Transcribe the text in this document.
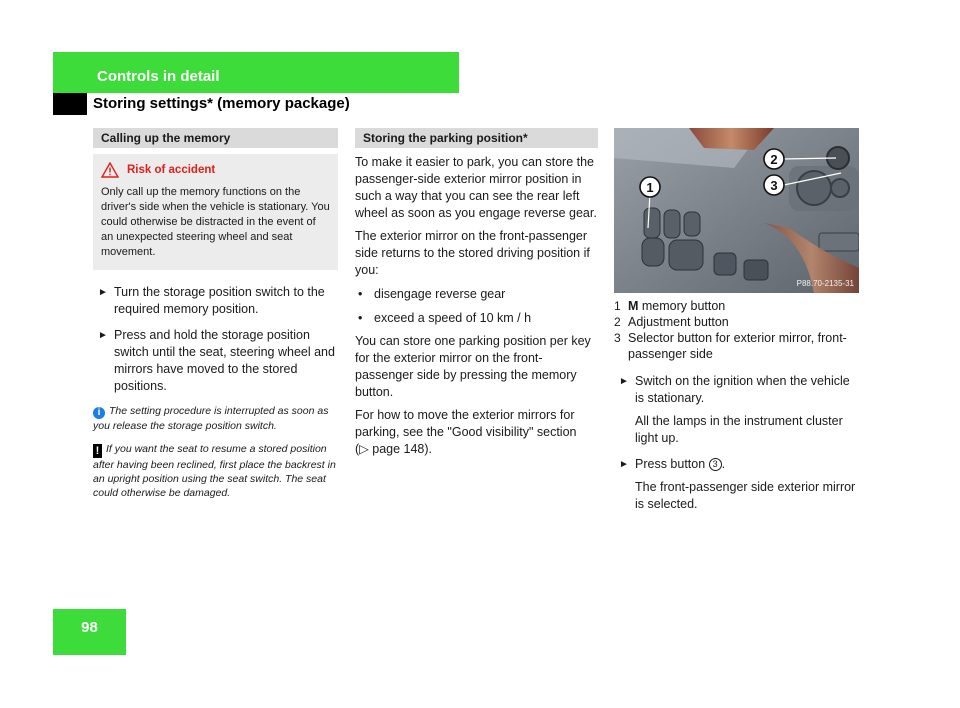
Controls in detail
Storing settings* (memory package)
Calling up the memory
Risk of accident
Only call up the memory functions on the driver's side when the vehicle is stationary. You could otherwise be distracted in the event of an unexpected steering wheel and seat movement.
► Turn the storage position switch to the required memory position.
► Press and hold the storage position switch until the seat, steering wheel and mirrors have moved to the stored positions.
i The setting procedure is interrupted as soon as you release the storage position switch.
! If you want the seat to resume a stored position after having been reclined, first place the backrest in an upright position using the seat switch. The seat could otherwise be damaged.
Storing the parking position*
To make it easier to park, you can store the passenger-side exterior mirror position in such a way that you can see the rear left wheel as soon as you engage reverse gear.
The exterior mirror on the front-passenger side returns to the stored driving position if you:
• disengage reverse gear
• exceed a speed of 10 km / h
You can store one parking position per key for the exterior mirror on the front-passenger side by pressing the memory button.
For how to move the exterior mirrors for parking, see the "Good visibility" section
(▷ page 148).
1
2
3
P88.70-2135-31
1 M memory button
2 Adjustment button
3 Selector button for exterior mirror, front-passenger side
► Switch on the ignition when the vehicle is stationary.
All the lamps in the instrument cluster light up.
► Press button 3 .
The front-passenger side exterior mirror is selected.
98
